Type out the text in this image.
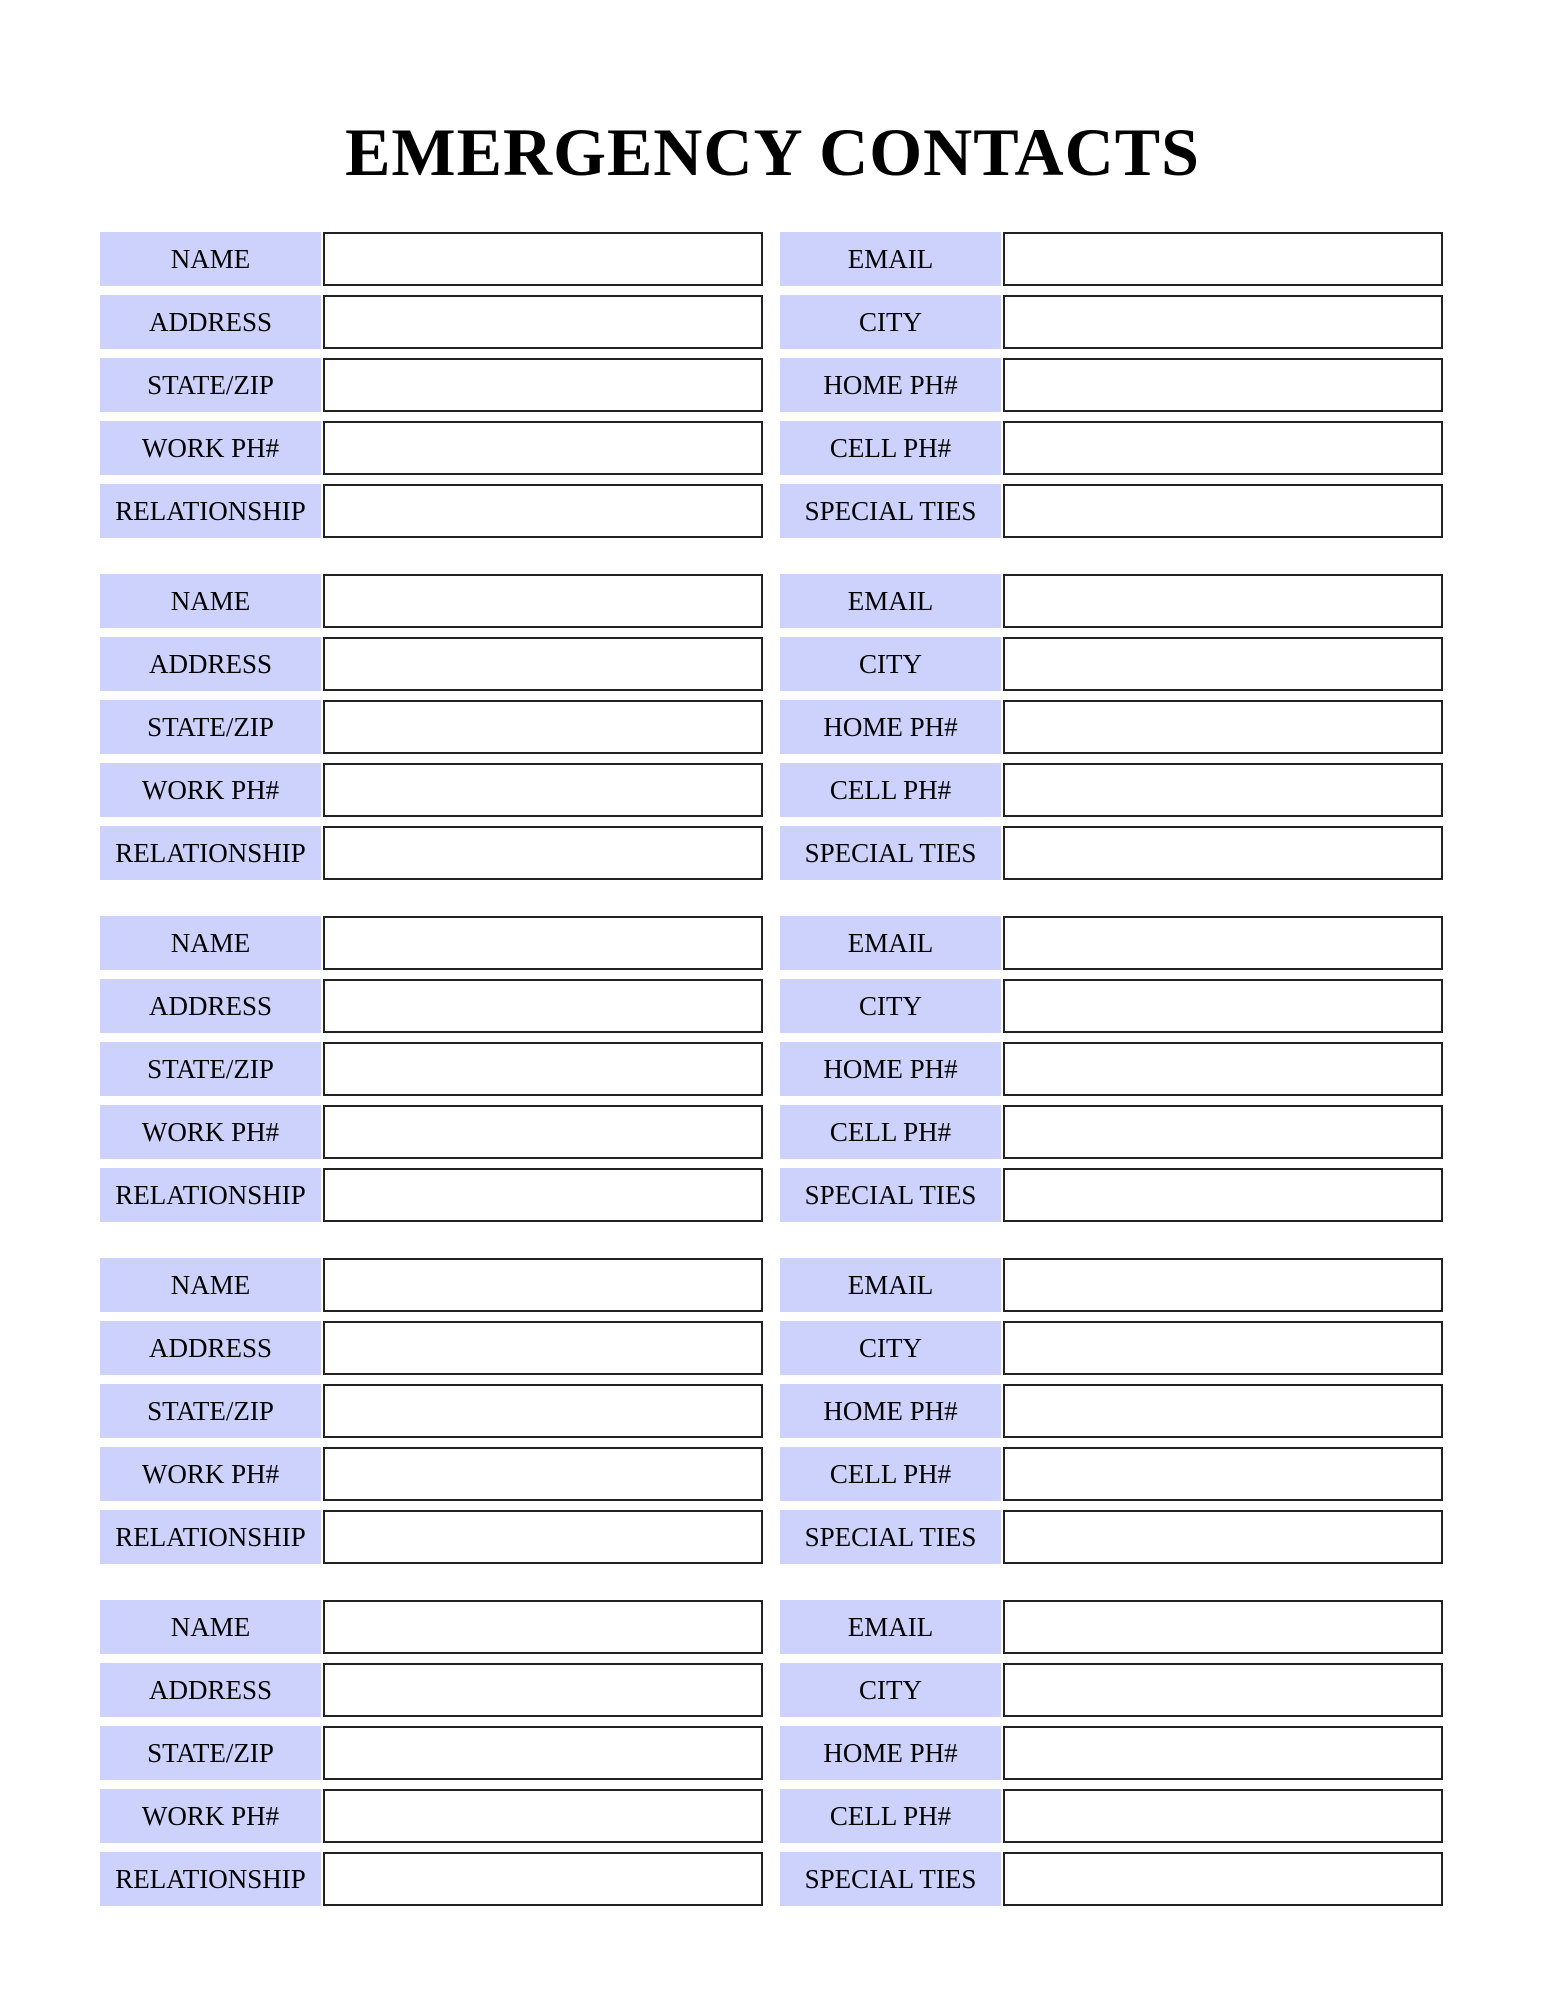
EMERGENCY CONTACTS
NAME
ADDRESS
STATE/ZIP
WORK PH#
RELATIONSHIP
EMAIL
CITY
HOME PH#
CELL PH#
SPECIAL TIES
NAME
ADDRESS
STATE/ZIP
WORK PH#
RELATIONSHIP
EMAIL
CITY
HOME PH#
CELL PH#
SPECIAL TIES
NAME
ADDRESS
STATE/ZIP
WORK PH#
RELATIONSHIP
EMAIL
CITY
HOME PH#
CELL PH#
SPECIAL TIES
NAME
ADDRESS
STATE/ZIP
WORK PH#
RELATIONSHIP
EMAIL
CITY
HOME PH#
CELL PH#
SPECIAL TIES
NAME
ADDRESS
STATE/ZIP
WORK PH#
RELATIONSHIP
EMAIL
CITY
HOME PH#
CELL PH#
SPECIAL TIES
